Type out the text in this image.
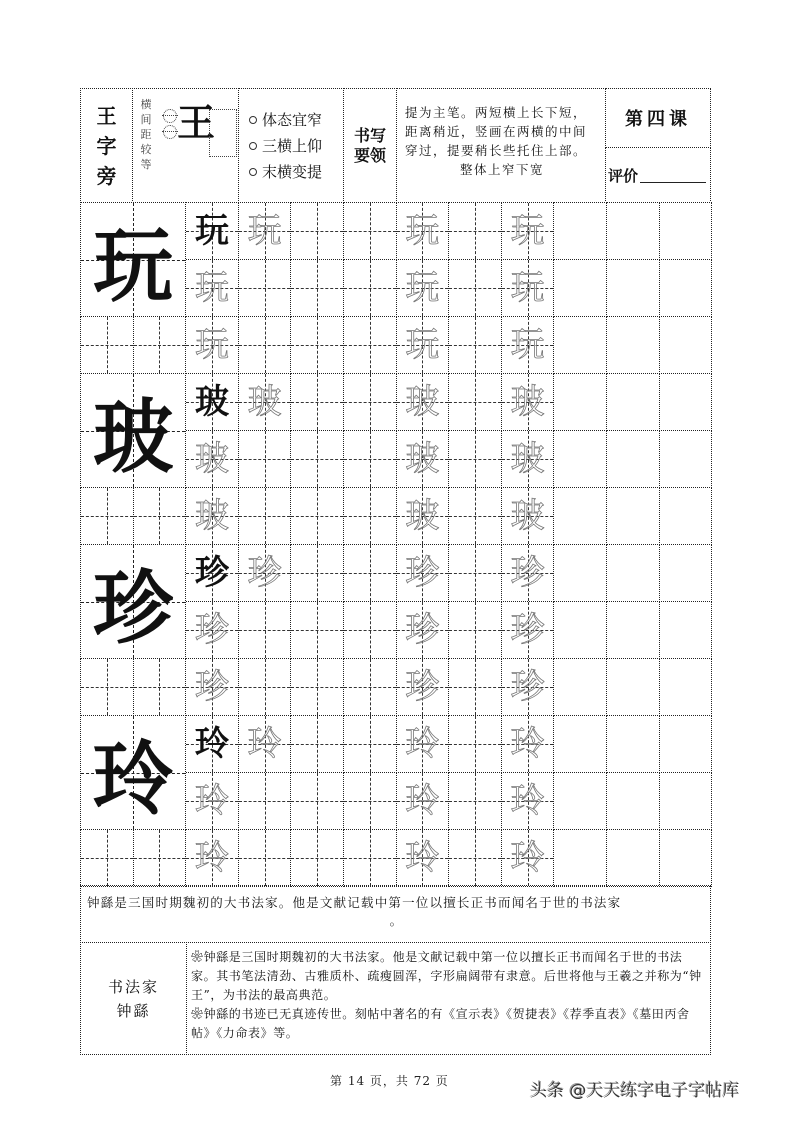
王
字
旁
横
间
距
较
等
王	体态宜窄
三横上仰
末横变提
书写
要领
提为主笔。两短横上长下短，
距离稍近，竖画在两横的中间
穿过，提要稍长些托住上部。
整体上窄下宽
第四课
评价
玩 玩	玩 玩
玩	玩 玩
玩	玩 玩
玩
玻 玻	玻 玻
玻	玻 玻
玻	玻 玻
玻
珍 珍	珍 珍
珍	珍 珍
珍	珍 珍
珍
玲 玲	玲 玲
玲	玲 玲
玲	玲 玲
玲
钟繇是三国时期魏初的大书法家。他是文献记载中第一位以擅长正书而闻名于世的书法家
。
书法家
钟繇
❀钟繇是三国时期魏初的大书法家。他是文献记载中第一位以擅长正书而闻名于世的书法家。其书笔法清劲、古雅质朴、疏瘦圆浑，字形扁阔带有隶意。后世将他与王羲之并称为“钟王”，为书法的最高典范。
❀钟繇的书迹已无真迹传世。刻帖中著名的有《宣示表》《贺捷表》《荐季直表》《墓田丙舍帖》《力命表》等。
第 14 页，共 72 页	头条 @天天练字电子字帖库
